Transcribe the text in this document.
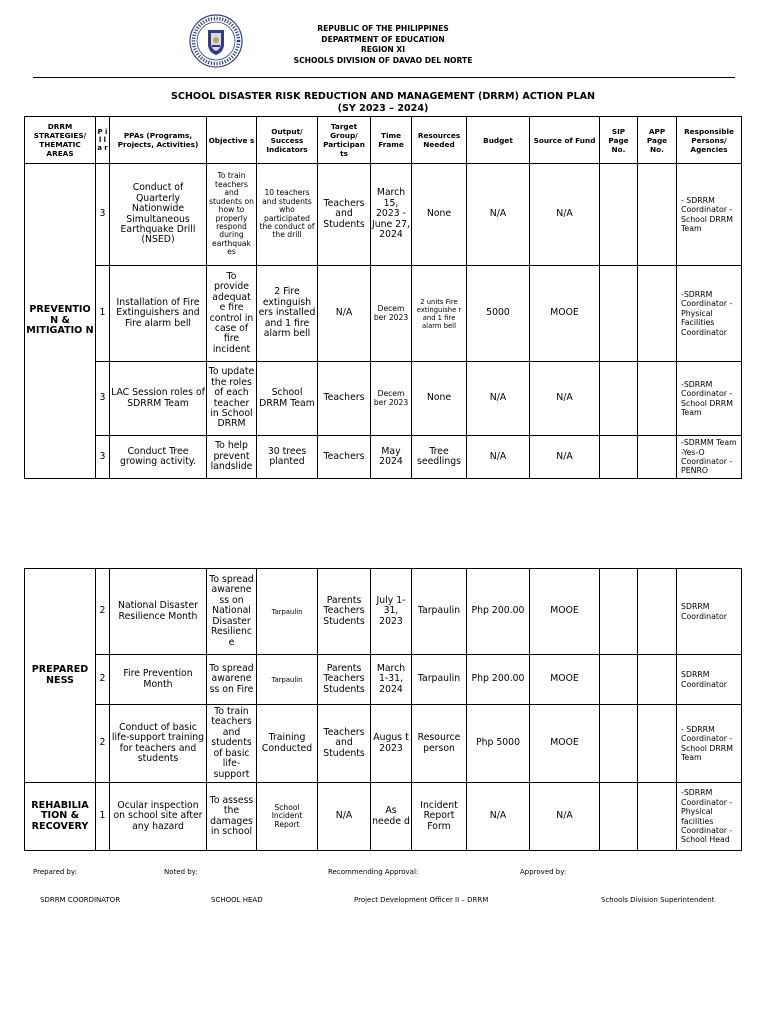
REPUBLIC OF THE PHILIPPINES
DEPARTMENT OF EDUCATION
REGION XI
SCHOOLS DIVISION OF DAVAO DEL NORTE
SCHOOL DISASTER RISK REDUCTION AND MANAGEMENT (DRRM) ACTION PLAN
(SY 2023 – 2024)
DRRM STRATEGIES/ THEMATIC AREAS	P i l l a r	PPAs (Programs, Projects, Activities)	Objective s	Output/ Success Indicators	Target Group/ Participan ts	Time Frame	Resources Needed	Budget	Source of Fund	SIP Page No.	APP Page No.	Responsible Persons/ Agencies
PREVENTIO N & MITIGATIO N	3	Conduct of Quarterly Nationwide Simultaneous Earthquake Drill (NSED)	To train teachers and students on how to properly respond during earthquak es	10 teachers and students who participated the conduct of the drill	Teachers and Students	March 15, 2023 - June 27, 2024	None	N/A	N/A			- SDRRM Coordinator -School DRRM Team
	1	Installation of Fire Extinguishers and Fire alarm bell	To provide adequat e fire control in case of fire incident	2 Fire extinguish ers installed and 1 fire alarm bell	N/A	Decem ber 2023	2 units Fire extinguishe r and 1 fire alarm bell	5000	MOOE			-SDRRM Coordinator -Physical Facilities Coordinator
	3	LAC Session roles of SDRRM Team	To update the roles of each teacher in School DRRM	School DRRM Team	Teachers	Decem ber 2023	None	N/A	N/A			-SDRRM Coordinator -School DRRM Team
	3	Conduct Tree growing activity.	To help prevent landslide	30 trees planted	Teachers	May 2024	Tree seedlings	N/A	N/A			-SDRMM Team -Yes-O Coordinator -PENRO
PREPARED NESS	2	National Disaster Resilience Month	To spread awarene ss on National Disaster Resilienc e	Tarpaulin	Parents Teachers Students	July 1-31, 2023	Tarpaulin	Php 200.00	MOOE			SDRRM Coordinator
	2	Fire Prevention Month	To spread awarene ss on Fire	Tarpaulin	Parents Teachers Students	March 1-31, 2024	Tarpaulin	Php 200.00	MOOE			SDRRM Coordinator
	2	Conduct of basic life-support training for teachers and students	To train teachers and students of basic life-support	Training Conducted	Teachers and Students	Augus t 2023	Resource person	Php 5000	MOOE			- SDRRM Coordinator -School DRRM Team
REHABILIA TION & RECOVERY	1	Ocular inspection on school site after any hazard	To assess the damages in school	School Incident Report	N/A	As neede d	Incident Report Form	N/A	N/A			-SDRRM Coordinator -Physical facilities Coordinator -School Head
Prepared by:	Noted by:	Recommending Approval:	Approved by:
SDRRM COORDINATOR	SCHOOL HEAD	Project Development Officer II – DRRM	Schools Division Superintendent
